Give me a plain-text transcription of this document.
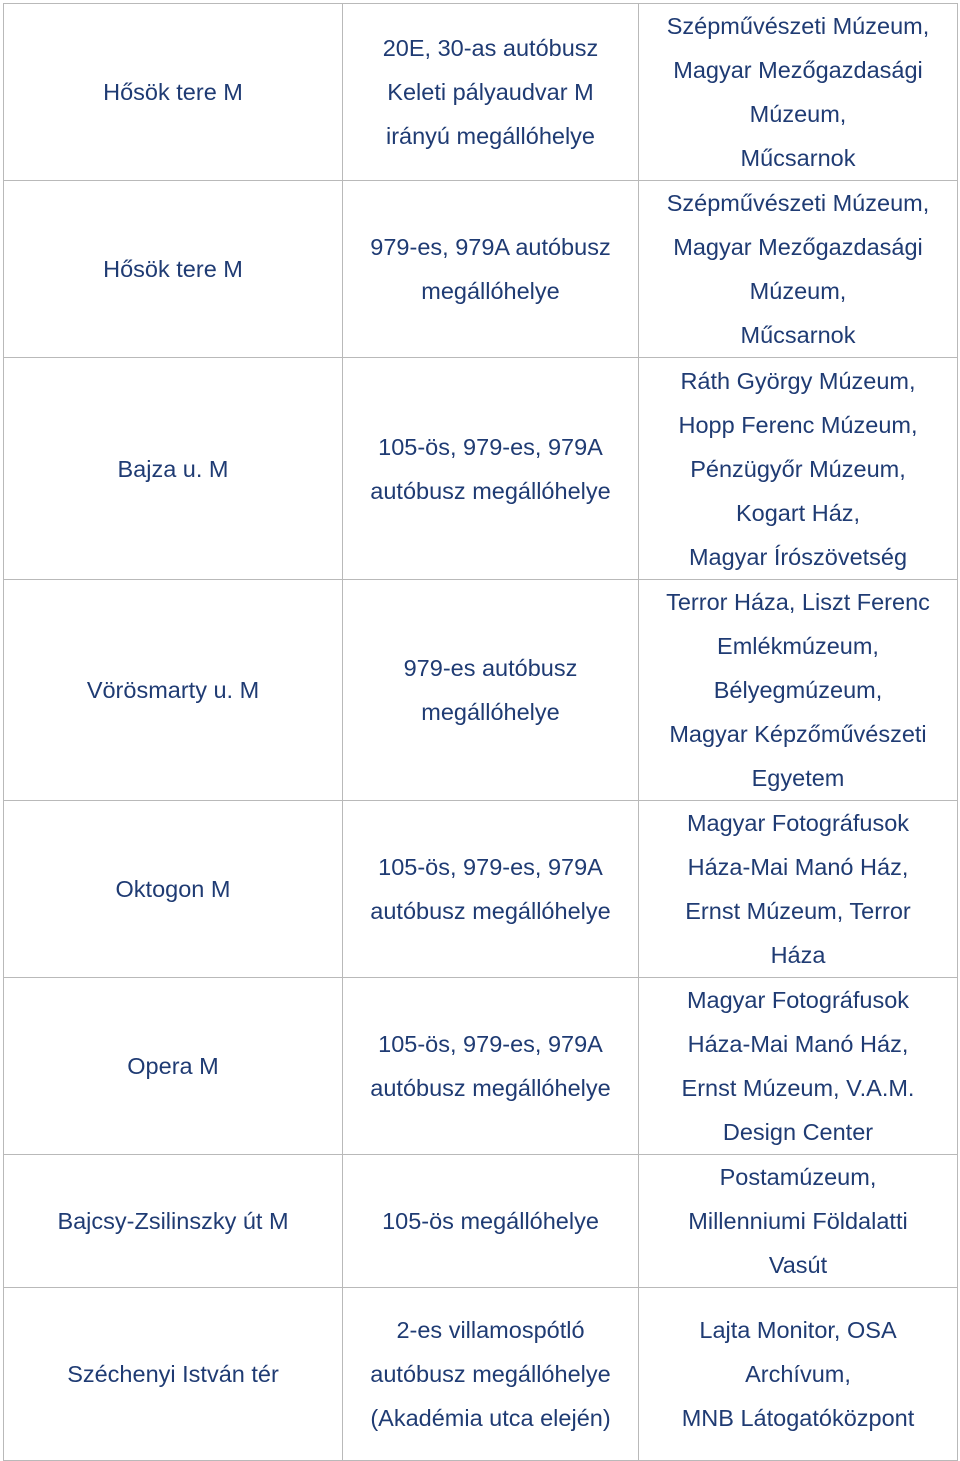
Hősök tere M	20E, 30-as autóbusz
Keleti pályaudvar M
irányú megállóhelye	Szépművészeti Múzeum,
Magyar Mezőgazdasági
Múzeum,
Műcsarnok

Hősök tere M	979-es, 979A autóbusz
megállóhelye	Szépművészeti Múzeum,
Magyar Mezőgazdasági
Múzeum,
Műcsarnok

Bajza u. M	105-ös, 979-es, 979A
autóbusz megállóhelye	Ráth György Múzeum,
Hopp Ferenc Múzeum,
Pénzügyőr Múzeum,
Kogart Ház,
Magyar Írószövetség

Vörösmarty u. M	979-es autóbusz
megállóhelye	Terror Háza, Liszt Ferenc
Emlékmúzeum,
Bélyegmúzeum,
Magyar Képzőművészeti
Egyetem

Oktogon M	105-ös, 979-es, 979A
autóbusz megállóhelye	Magyar Fotográfusok
Háza-Mai Manó Ház,
Ernst Múzeum, Terror
Háza

Opera M	105-ös, 979-es, 979A
autóbusz megállóhelye	Magyar Fotográfusok
Háza-Mai Manó Ház,
Ernst Múzeum, V.A.M.
Design Center

Bajcsy-Zsilinszky út M	105-ös megállóhelye	Postamúzeum,
Millenniumi Földalatti
Vasút

Széchenyi István tér	2-es villamospótló
autóbusz megállóhelye
(Akadémia utca elején)	Lajta Monitor, OSA
Archívum,
MNB Látogatóközpont
